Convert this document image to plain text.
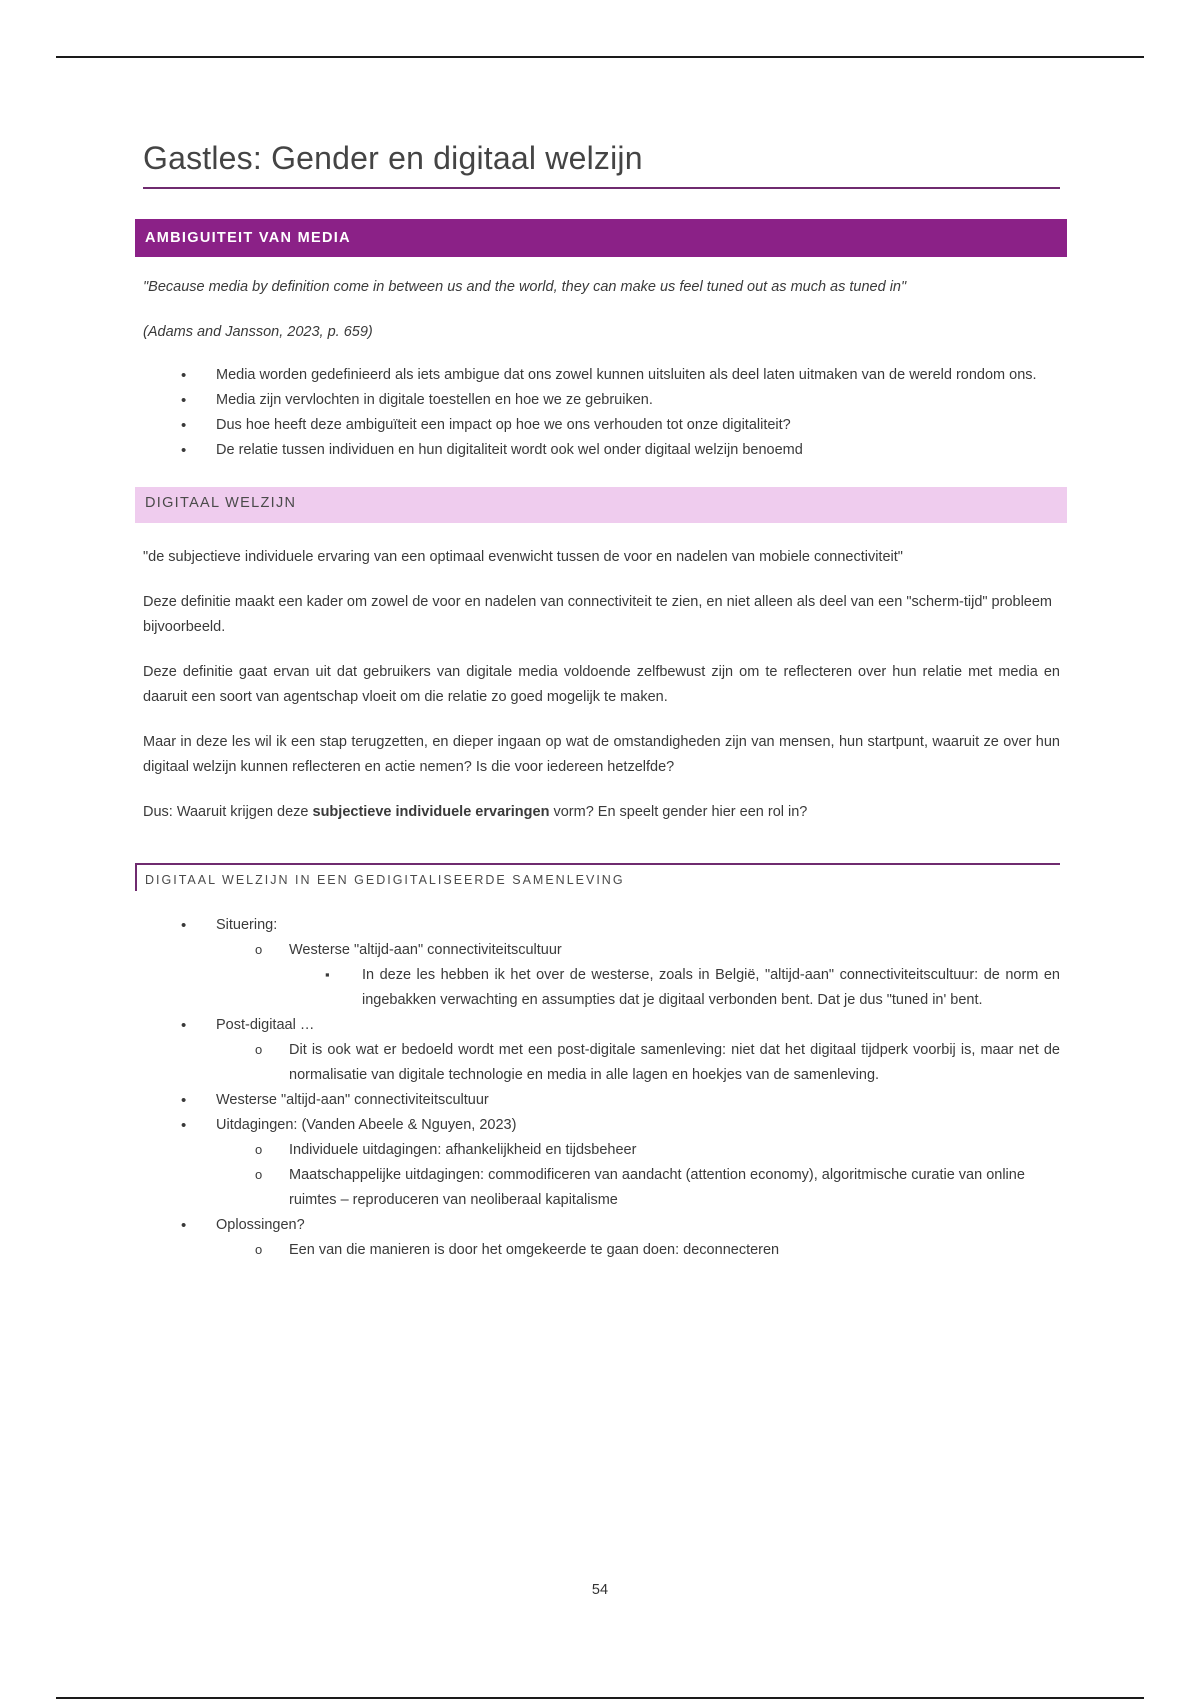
Gastles: Gender en digitaal welzijn
AMBIGUITEIT VAN MEDIA

"Because media by definition come in between us and the world, they can make us feel tuned out as much as tuned in"

(Adams and Jansson, 2023, p. 659)

• Media worden gedefinieerd als iets ambigue dat ons zowel kunnen uitsluiten als deel laten uitmaken van de wereld rondom ons.
• Media zijn vervlochten in digitale toestellen en hoe we ze gebruiken.
• Dus hoe heeft deze ambiguïteit een impact op hoe we ons verhouden tot onze digitaliteit?
• De relatie tussen individuen en hun digitaliteit wordt ook wel onder digitaal welzijn benoemd
DIGITAAL WELZIJN

"de subjectieve individuele ervaring van een optimaal evenwicht tussen de voor en nadelen van mobiele connectiviteit"

Deze definitie maakt een kader om zowel de voor en nadelen van connectiviteit te zien, en niet alleen als deel van een "scherm-tijd" probleem bijvoorbeeld.

Deze definitie gaat ervan uit dat gebruikers van digitale media voldoende zelfbewust zijn om te reflecteren over hun relatie met media en daaruit een soort van agentschap vloeit om die relatie zo goed mogelijk te maken.

Maar in deze les wil ik een stap terugzetten, en dieper ingaan op wat de omstandigheden zijn van mensen, hun startpunt, waaruit ze over hun digitaal welzijn kunnen reflecteren en actie nemen? Is die voor iedereen hetzelfde?

Dus: Waaruit krijgen deze subjectieve individuele ervaringen vorm? En speelt gender hier een rol in?

DIGITAAL WELZIJN IN EEN GEDIGITALISEERDE SAMENLEVING
• Situering:
o Westerse "altijd-aan" connectiviteitscultuur
▪ In deze les hebben ik het over de westerse, zoals in België, "altijd-aan" connectiviteitscultuur: de norm en ingebakken verwachting en assumpties dat je digitaal verbonden bent. Dat je dus "tuned in' bent.
• Post-digitaal …
o Dit is ook wat er bedoeld wordt met een post-digitale samenleving: niet dat het digitaal tijdperk voorbij is, maar net de normalisatie van digitale technologie en media in alle lagen en hoekjes van de samenleving.
• Westerse "altijd-aan" connectiviteitscultuur
• Uitdagingen: (Vanden Abeele & Nguyen, 2023)
o Individuele uitdagingen: afhankelijkheid en tijdsbeheer
o Maatschappelijke uitdagingen: commodificeren van aandacht (attention economy), algoritmische curatie van online ruimtes – reproduceren van neoliberaal kapitalisme
• Oplossingen?
o Een van die manieren is door het omgekeerde te gaan doen: deconnecteren
54
